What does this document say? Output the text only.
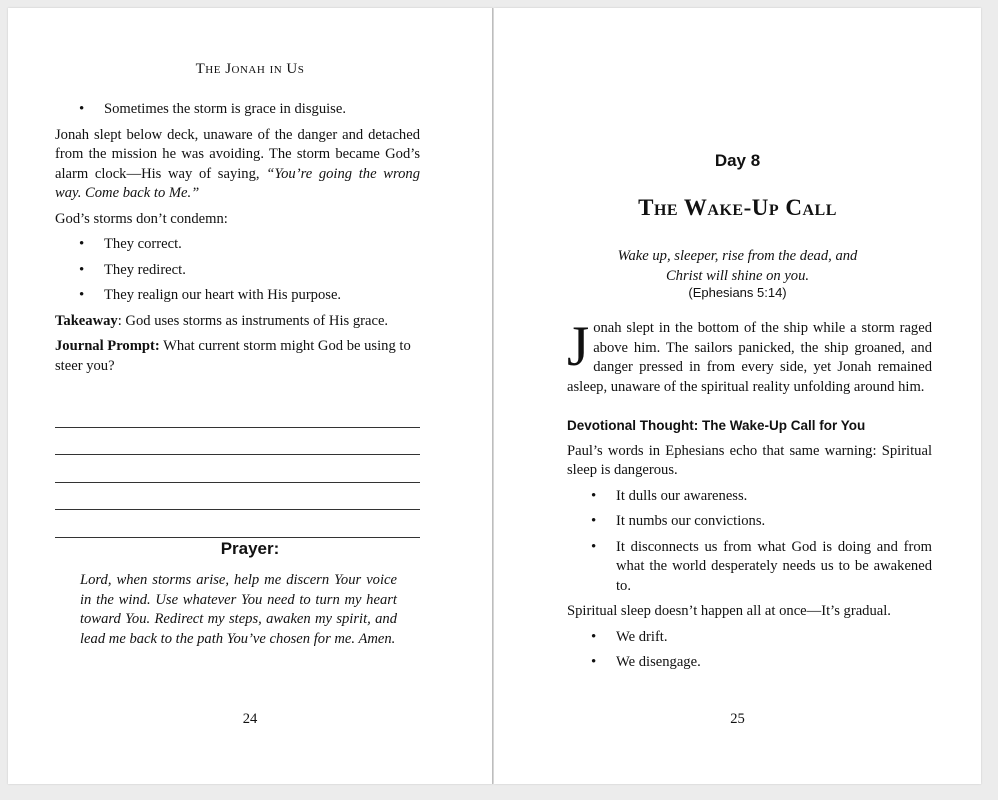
The Jonah in Us
• Sometimes the storm is grace in disguise.

Jonah slept below deck, unaware of the danger and detached from the mission he was avoiding. The storm became God’s alarm clock—His way of saying, “You’re going the wrong way. Come back to Me.”

God’s storms don’t condemn:

• They correct.
• They redirect.
• They realign our heart with His purpose.

Takeaway: God uses storms as instruments of His grace.

Journal Prompt: What current storm might God be using to steer you?

Prayer:
Lord, when storms arise, help me discern Your voice in the wind. Use whatever You need to turn my heart toward You. Redirect my steps, awaken my spirit, and lead me back to the path You’ve chosen for me. Amen.
24
Day 8
The Wake-Up Call
Wake up, sleeper, rise from the dead, and
Christ will shine on you.
(Ephesians 5:14)

Jonah slept in the bottom of the ship while a storm raged above him. The sailors panicked, the ship groaned, and danger pressed in from every side, yet Jonah remained asleep, unaware of the spiritual reality unfolding around him.

Devotional Thought: The Wake-Up Call for You

Paul’s words in Ephesians echo that same warning: Spiritual sleep is dangerous.

• It dulls our awareness.
• It numbs our convictions.
• It disconnects us from what God is doing and from what the world desperately needs us to be awakened to.

Spiritual sleep doesn’t happen all at once—It’s gradual.

• We drift.
• We disengage.
25
